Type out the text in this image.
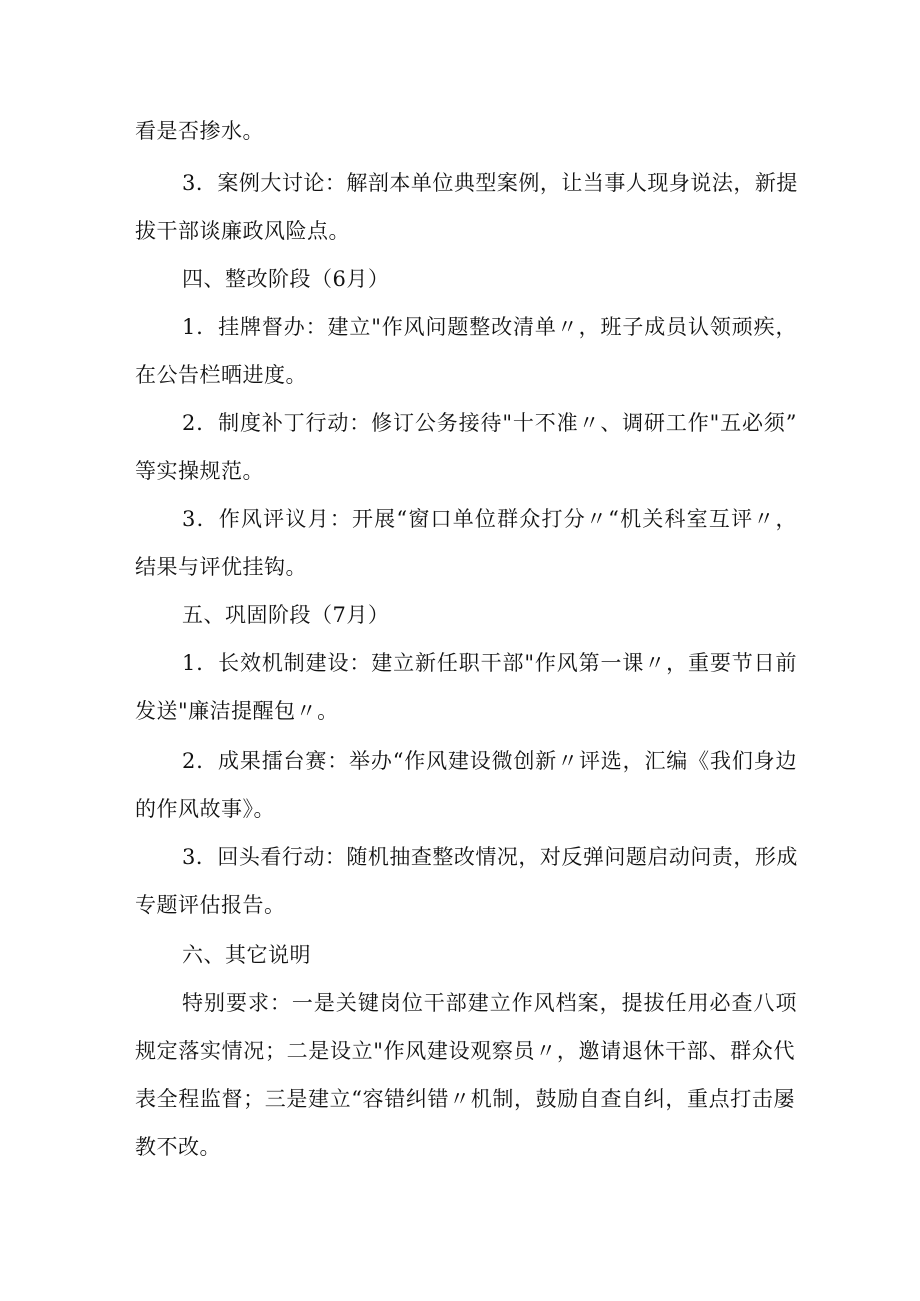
看是否掺水。
3．案例大讨论：解剖本单位典型案例，让当事人现身说法，新提
拔干部谈廉政风险点。
四、整改阶段（6月）
1．挂牌督办：建立"作风问题整改清单〃，班子成员认领顽疾，
在公告栏晒进度。
2．制度补丁行动：修订公务接待"十不准〃、调研工作"五必须”
等实操规范。
3．作风评议月：开展“窗口单位群众打分〃“机关科室互评〃，
结果与评优挂钩。
五、巩固阶段（7月）
1．长效机制建设：建立新任职干部"作风第一课〃，重要节日前
发送"廉洁提醒包〃。
2．成果擂台赛：举办“作风建设微创新〃评选，汇编《我们身边
的作风故事》。
3．回头看行动：随机抽查整改情况，对反弹问题启动问责，形成
专题评估报告。
六、其它说明
特别要求：一是关键岗位干部建立作风档案，提拔任用必查八项
规定落实情况；二是设立"作风建设观察员〃，邀请退休干部、群众代
表全程监督；三是建立“容错纠错〃机制，鼓励自查自纠，重点打击屡
教不改。
